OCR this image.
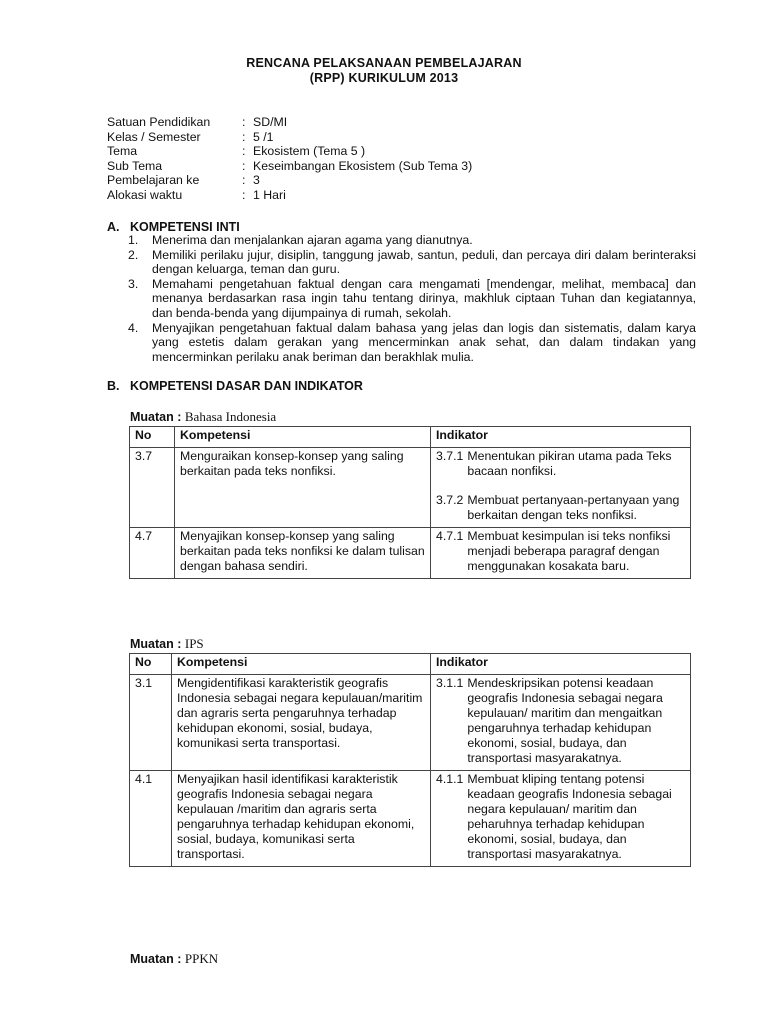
RENCANA PELAKSANAAN PEMBELAJARAN
(RPP) KURIKULUM 2013
Satuan Pendidikan	: SD/MI
Kelas / Semester	: 5 /1
Tema	: Ekosistem (Tema 5 )
Sub Tema	: Keseimbangan Ekosistem (Sub Tema 3)
Pembelajaran ke	: 3
Alokasi waktu	: 1 Hari
A. KOMPETENSI INTI
1. Menerima dan menjalankan ajaran agama yang dianutnya.
2. Memiliki perilaku jujur, disiplin, tanggung jawab, santun, peduli, dan percaya diri dalam berinteraksi dengan keluarga, teman dan guru.
3. Memahami pengetahuan faktual dengan cara mengamati [mendengar, melihat, membaca] dan menanya berdasarkan rasa ingin tahu tentang dirinya, makhluk ciptaan Tuhan dan kegiatannya, dan benda-benda yang dijumpainya di rumah, sekolah.
4. Menyajikan pengetahuan faktual dalam bahasa yang jelas dan logis dan sistematis, dalam karya yang estetis dalam gerakan yang mencerminkan anak sehat, dan dalam tindakan yang mencerminkan perilaku anak beriman dan berakhlak mulia.
B. KOMPETENSI DASAR DAN INDIKATOR
Muatan : Bahasa Indonesia
No	Kompetensi	Indikator
3.7	Menguraikan konsep-konsep yang saling berkaitan pada teks nonfiksi.	3.7.1 Menentukan pikiran utama pada Teks bacaan nonfiksi.
3.7.2 Membuat pertanyaan-pertanyaan yang berkaitan dengan teks nonfiksi.

4.7	Menyajikan konsep-konsep yang saling berkaitan pada teks nonfiksi ke dalam tulisan dengan bahasa sendiri.	4.7.1 Membuat kesimpulan isi teks nonfiksi menjadi beberapa paragraf dengan menggunakan kosakata baru.
Muatan : IPS
No	Kompetensi	Indikator
3.1	Mengidentifikasi karakteristik geografis Indonesia sebagai negara kepulauan/maritim dan agraris serta pengaruhnya terhadap kehidupan ekonomi, sosial, budaya, komunikasi serta transportasi.	3.1.1 Mendeskripsikan potensi keadaan geografis Indonesia sebagai negara kepulauan/ maritim dan mengaitkan pengaruhnya terhadap kehidupan ekonomi, sosial, budaya, dan transportasi masyarakatnya.

4.1	Menyajikan hasil identifikasi karakteristik geografis Indonesia sebagai negara kepulauan /maritim dan agraris serta pengaruhnya terhadap kehidupan ekonomi, sosial, budaya, komunikasi serta transportasi.	4.1.1 Membuat kliping tentang potensi keadaan geografis Indonesia sebagai negara kepulauan/ maritim dan peharuhnya terhadap kehidupan ekonomi, sosial, budaya, dan transportasi masyarakatnya.
Muatan : PPKN
